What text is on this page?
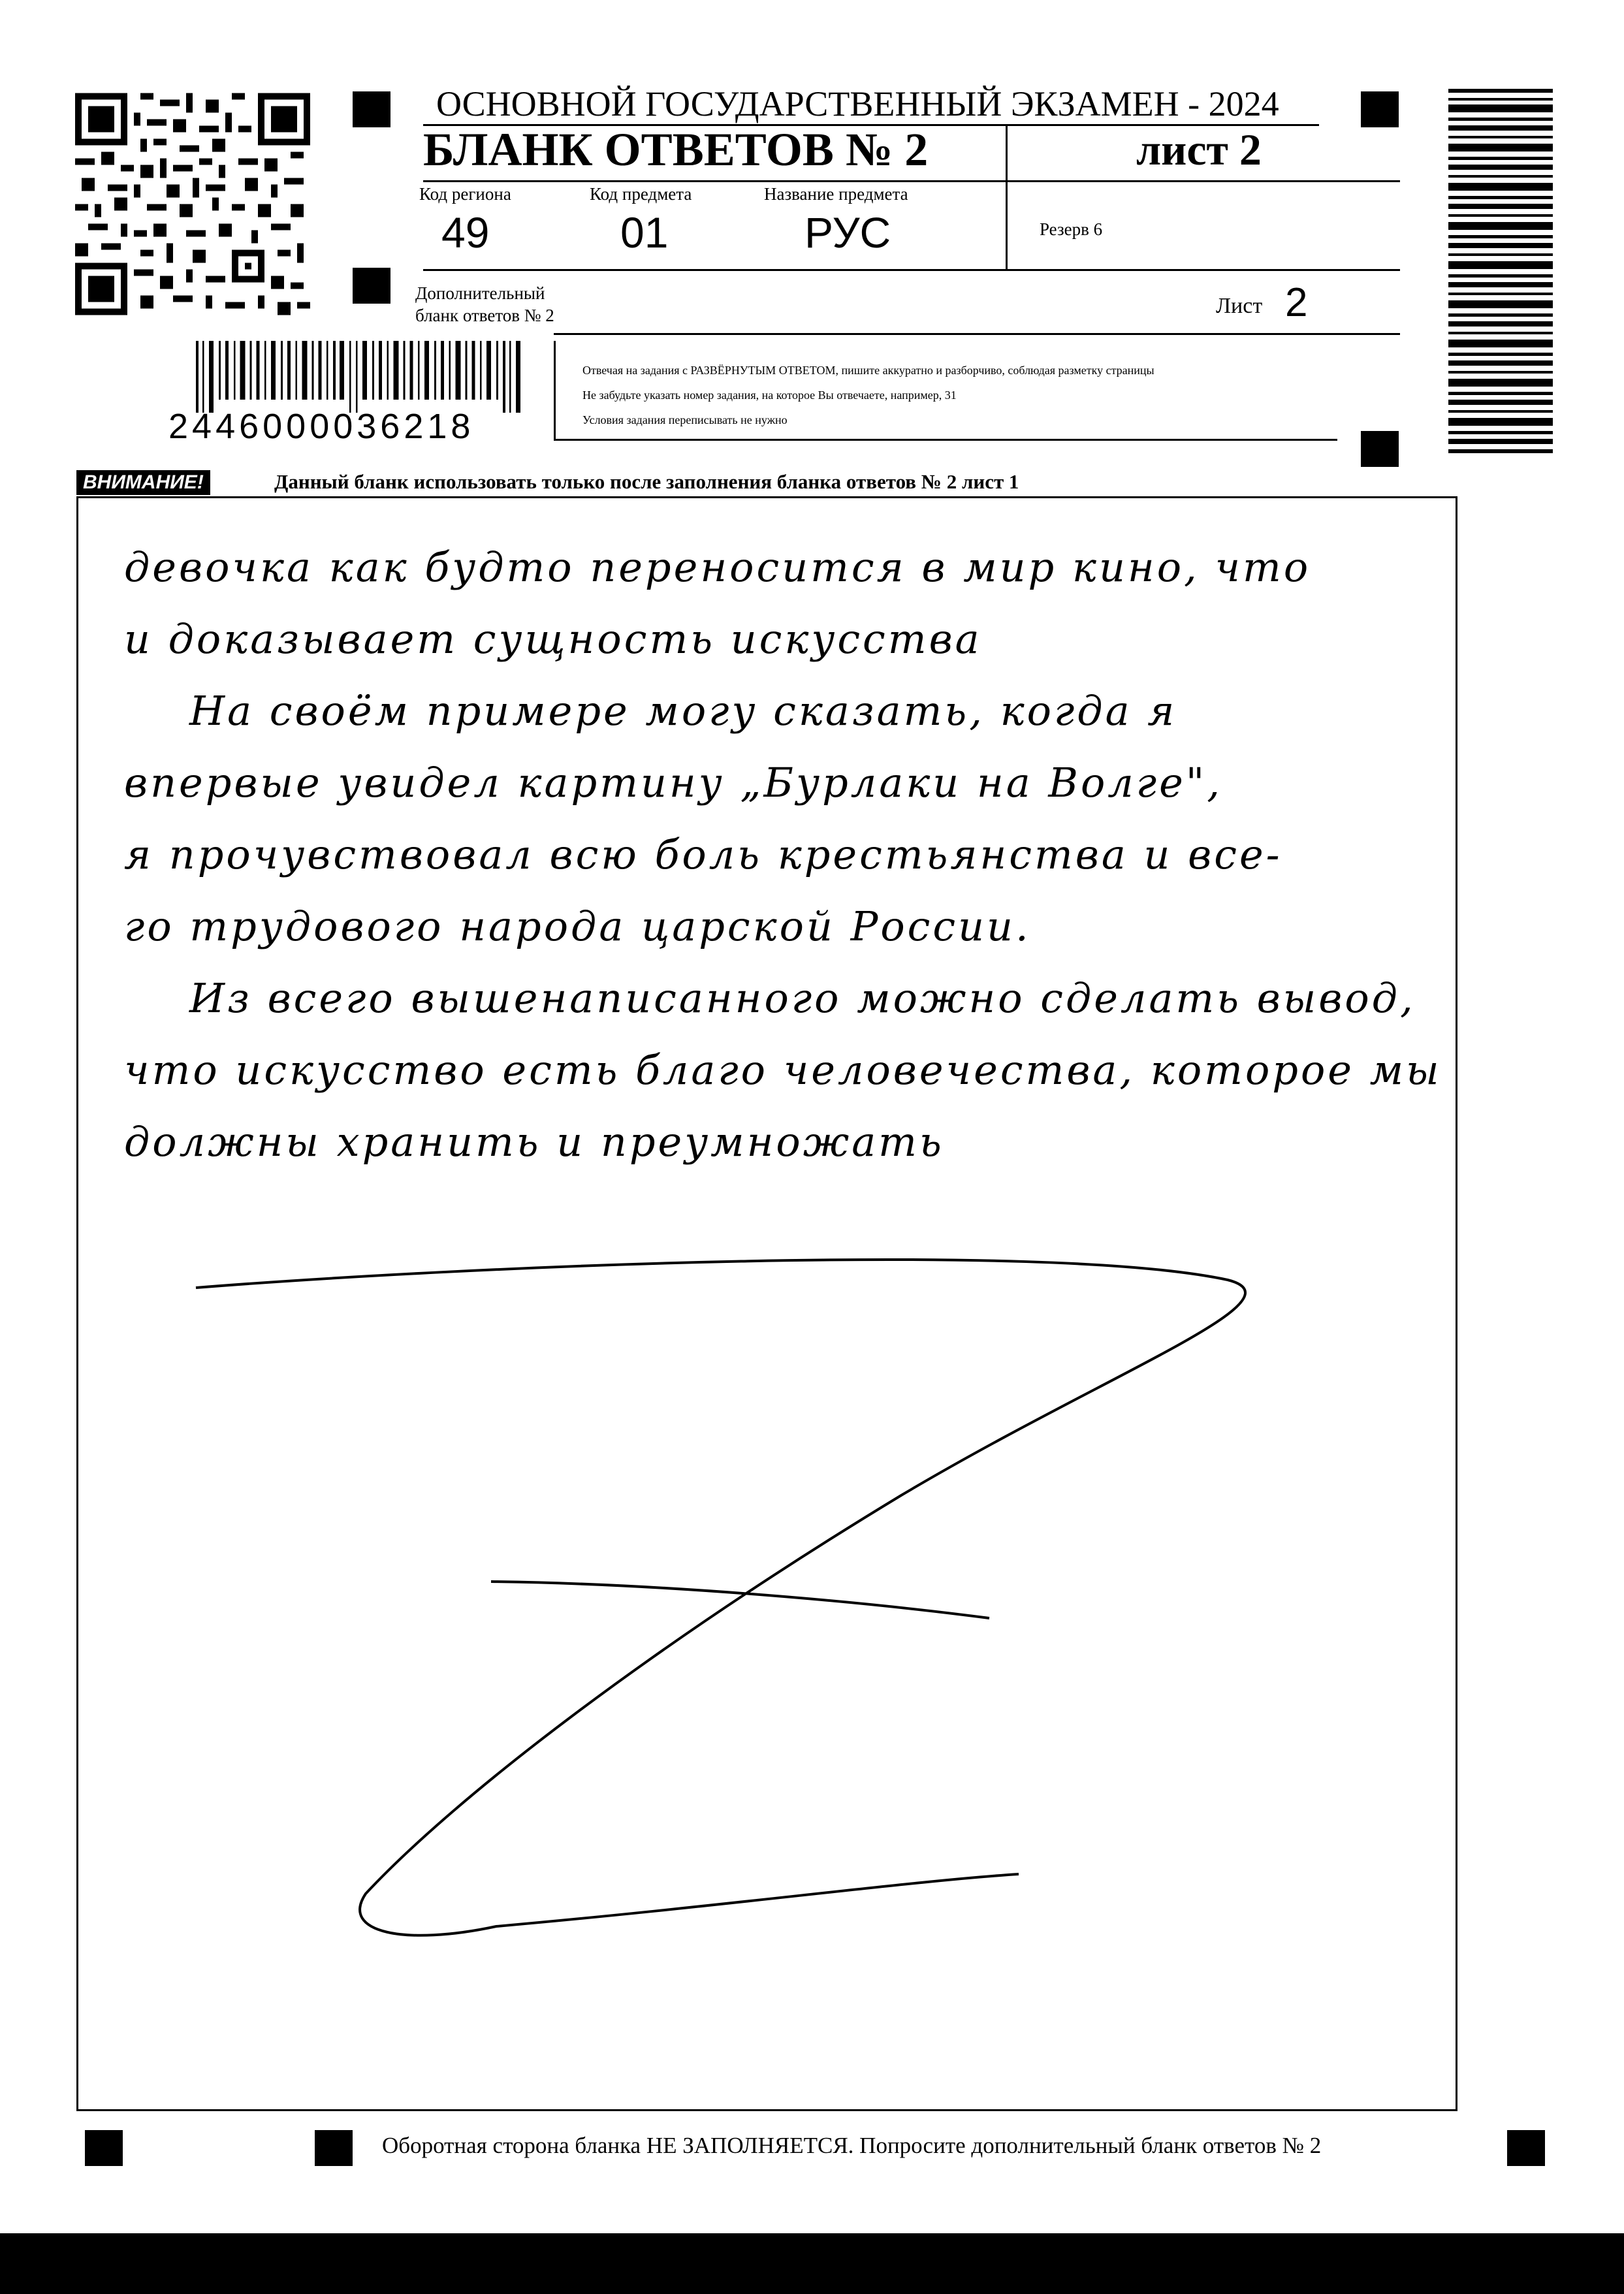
ОСНОВНОЙ ГОСУДАРСТВЕННЫЙ ЭКЗАМЕН - 2024
БЛАНК ОТВЕТОВ № 2	лист 2
Код региона
49
Код предмета
01
Название предмета
РУС	Резерв 6
Дополнительный
бланк ответов № 2	Лист 2
2446000036218
Отвечая на задания с РАЗВЁРНУТЫМ ОТВЕТОМ, пишите аккуратно и разборчиво, соблюдая разметку страницы
Не забудьте указать номер задания, на которое Вы отвечаете, например, 31
Условия задания переписывать не нужно
ВНИМАНИЕ!	Данный бланк использовать только после заполнения бланка ответов № 2 лист 1
девочка как будто переносится в мир кино, что
и доказывает сущность искусства
На своём примере могу сказать, когда я
впервые увидел картину „Бурлаки на Волге",
я прочувствовал всю боль крестьянства и все-
го трудового народа царской России.
Из всего вышенаписанного можно сделать вывод,
что искусство есть благо человечества, которое мы
должны хранить и преумножать
Оборотная сторона бланка НЕ ЗАПОЛНЯЕТСЯ. Попросите дополнительный бланк ответов № 2
